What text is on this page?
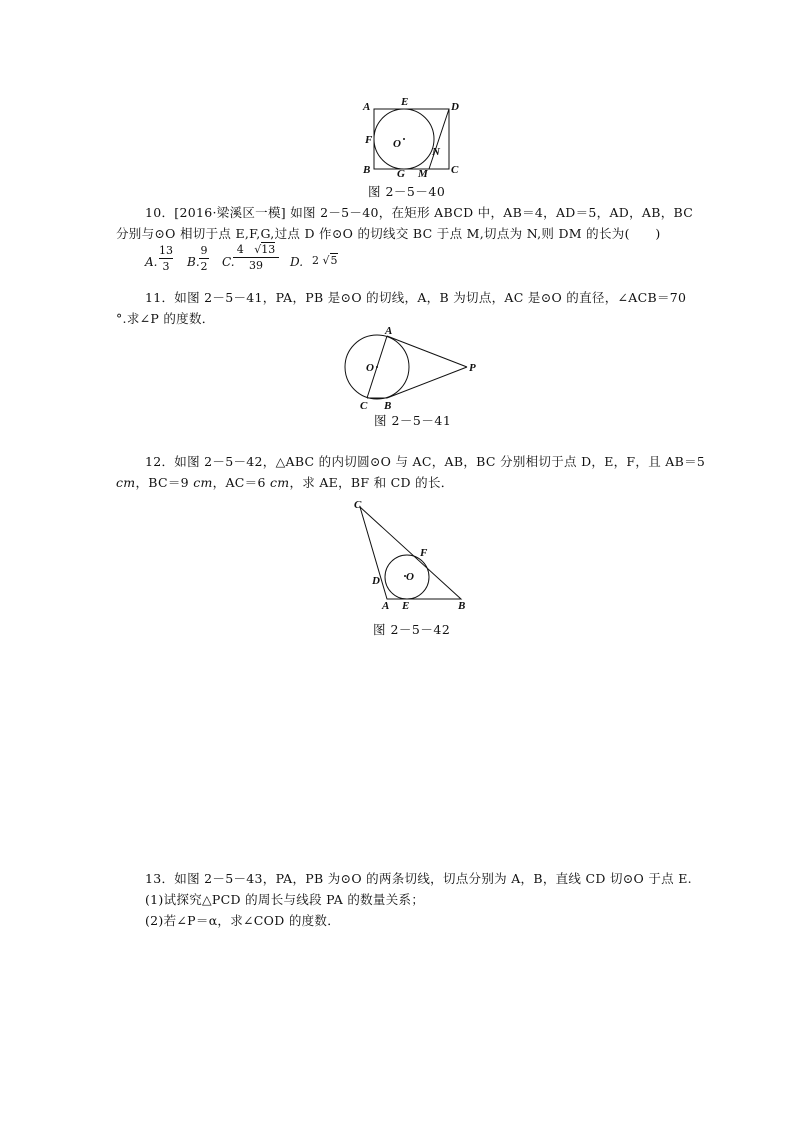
A	E	D
F O
N
B G M C
图 2－5－40
10．[2016·梁溪区一模] 如图 2－5－40，在矩形 ABCD 中，AB＝4，AD＝5，AD，AB，BC
分别与⊙O 相切于点 E,F,G,过点 D 作⊙O 的切线交 BC 于点 M,切点为 N,则 DM 的长为(　　)
A.
13
3 B.
9
2 C.
4   √13
39	D. 2 √5
11．如图 2－5－41，PA，PB 是⊙O 的切线，A，B 为切点，AC 是⊙O 的直径，∠ACB＝70
°.求∠P 的度数．
A
O	P
C B
图 2－5－41
12．如图 2－5－42，△ABC 的内切圆⊙O 与 AC，AB，BC 分别相切于点 D，E，F，且 AB＝5
cm，BC＝9 cm，AC＝6 cm，求 AE，BF 和 CD 的长．
C
F
D O
A E	B
图 2－5－42
13．如图 2－5－43，PA，PB 为⊙O 的两条切线，切点分别为 A，B，直线 CD 切⊙O 于点 E.
(1)试探究△PCD 的周长与线段 PA 的数量关系；
(2)若∠P＝α，求∠COD 的度数．
